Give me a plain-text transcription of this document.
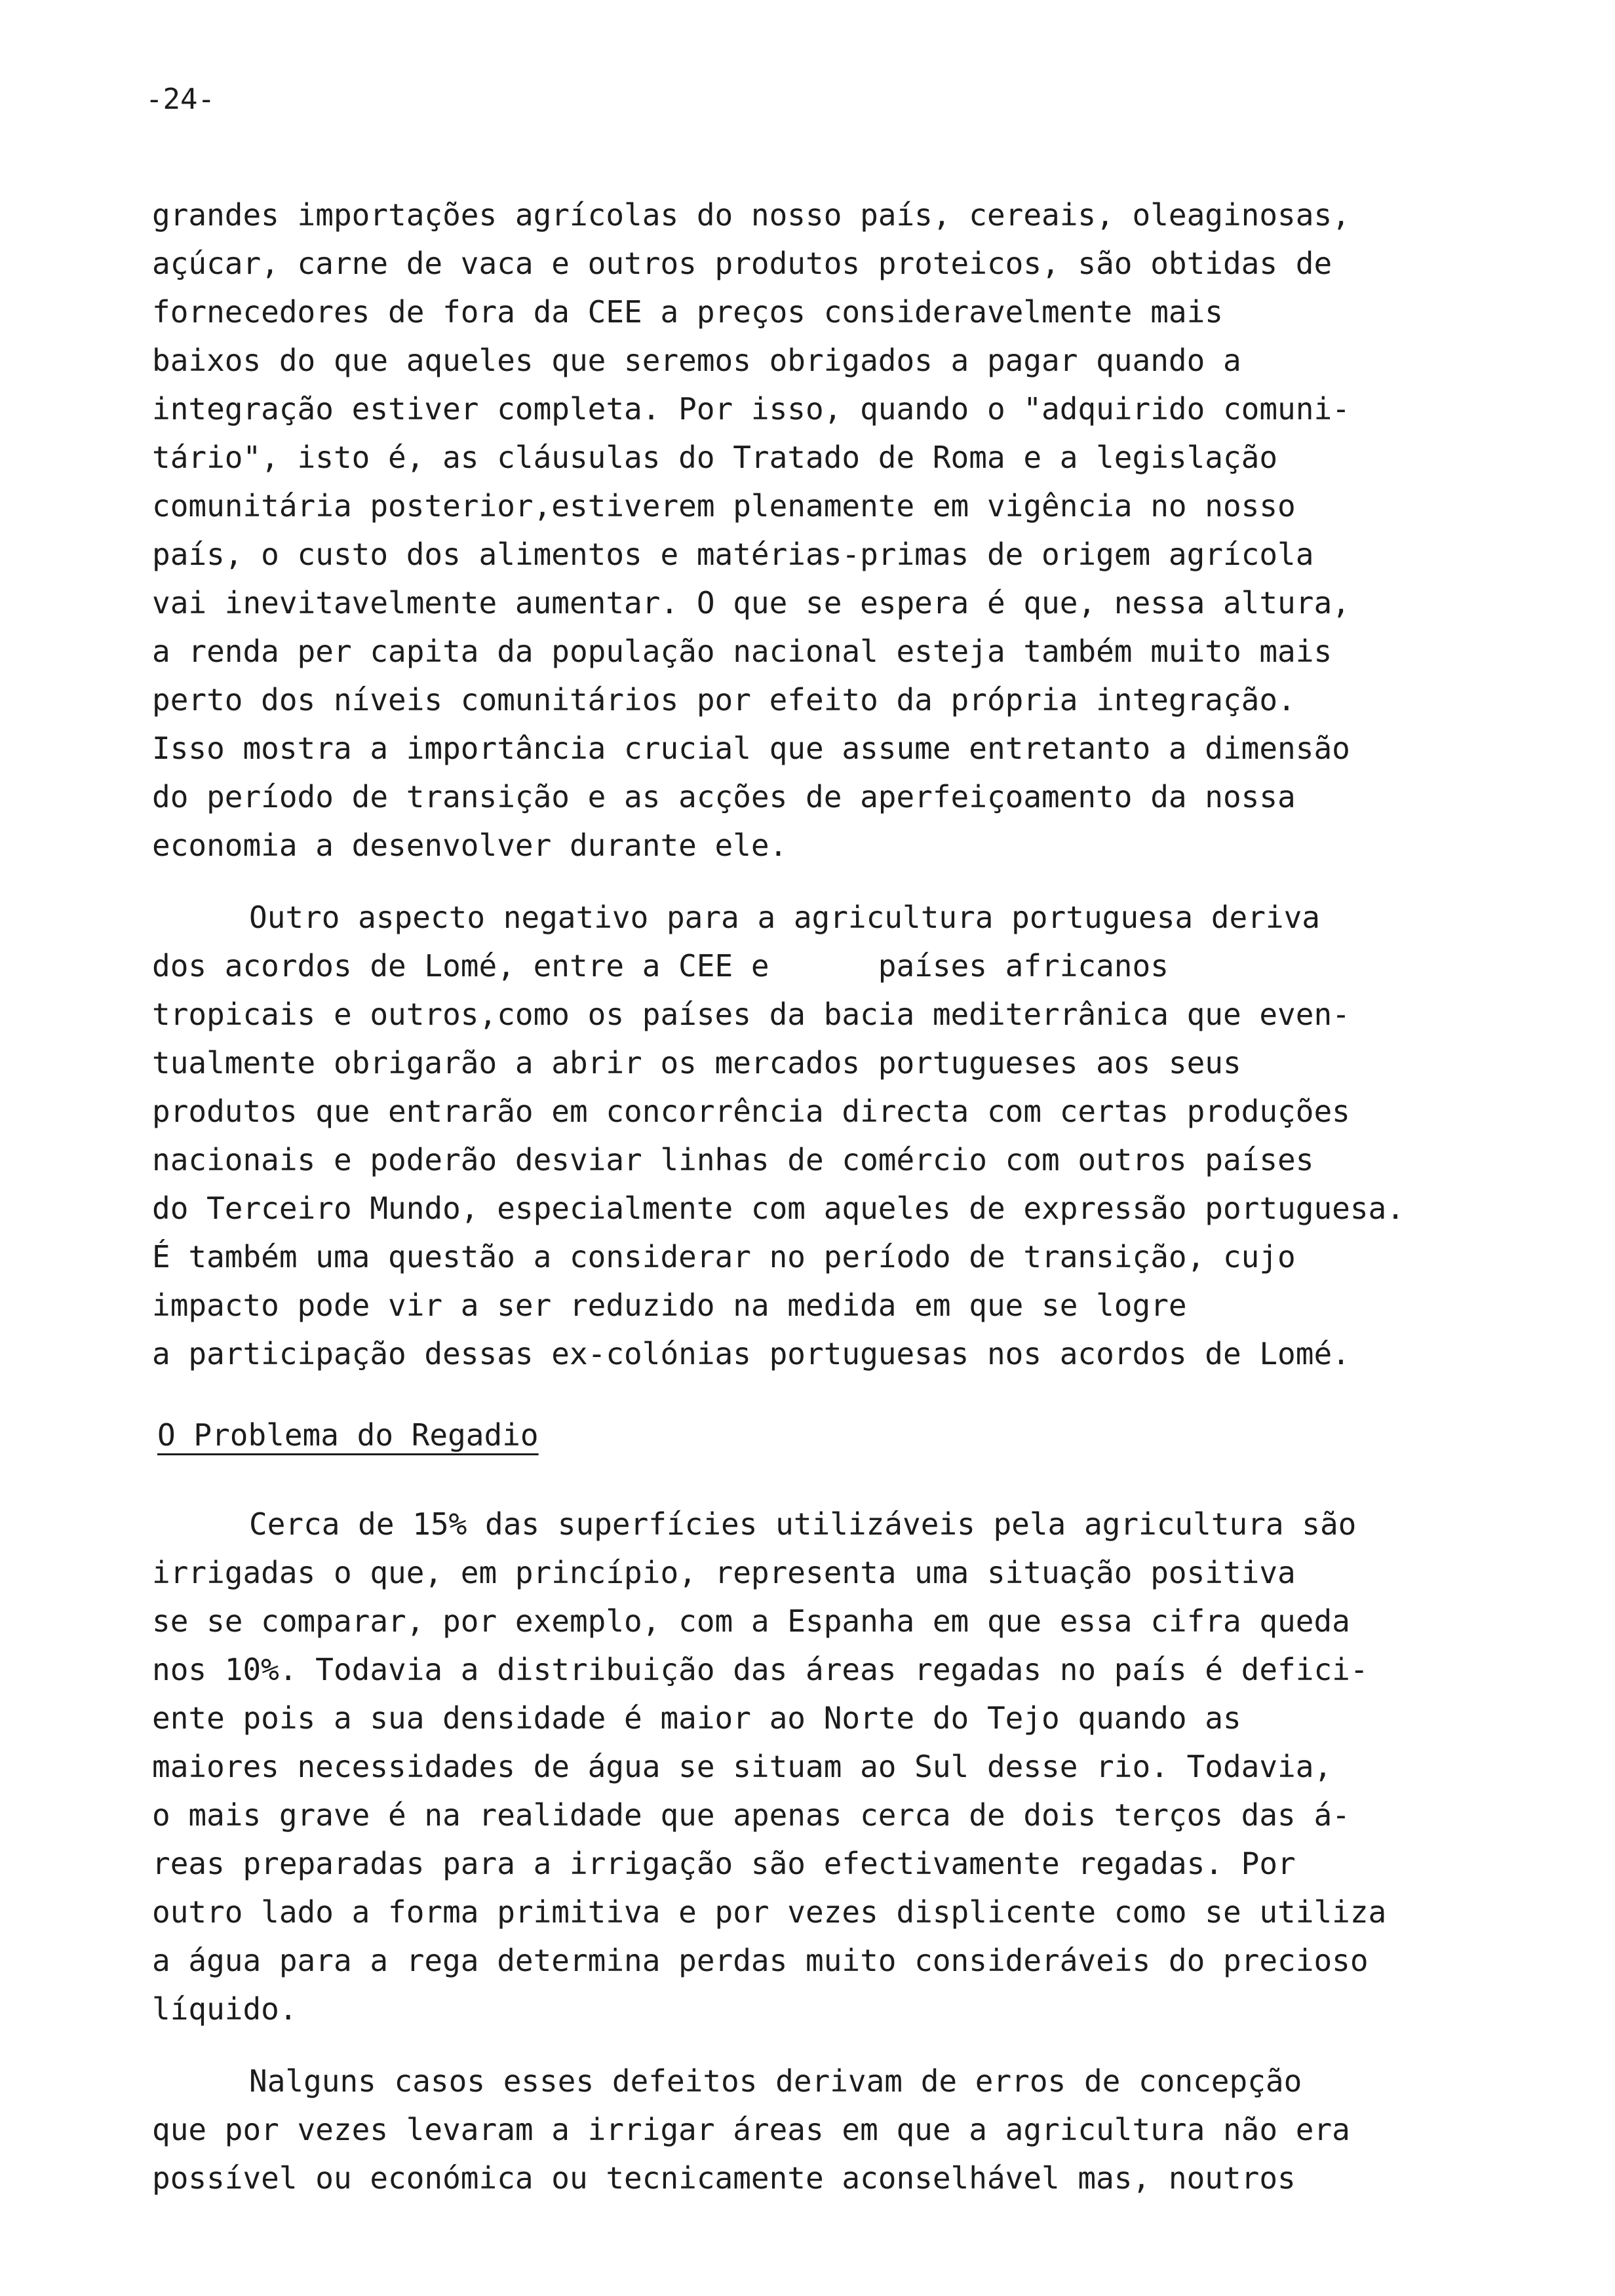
-24-
grandes importações agrícolas do nosso país, cereais, oleaginosas,
açúcar, carne de vaca e outros produtos proteicos, são obtidas de
fornecedores de fora da CEE a preços consideravelmente mais
baixos do que aqueles que seremos obrigados a pagar quando a
integração estiver completa. Por isso, quando o "adquirido comuni-
tário", isto é, as cláusulas do Tratado de Roma e a legislação
comunitária posterior,estiverem plenamente em vigência no nosso
país, o custo dos alimentos e matérias-primas de origem agrícola
vai inevitavelmente aumentar. O que se espera é que, nessa altura,
a renda per capita da população nacional esteja também muito mais
perto dos níveis comunitários por efeito da própria integração.
Isso mostra a importância crucial que assume entretanto a dimensão
do período de transição e as acções de aperfeiçoamento da nossa
economia a desenvolver durante ele.
Outro aspecto negativo para a agricultura portuguesa deriva
dos acordos de Lomé, entre a CEE e      países africanos
tropicais e outros,como os países da bacia mediterrânica que even-
tualmente obrigarão a abrir os mercados portugueses aos seus
produtos que entrarão em concorrência directa com certas produções
nacionais e poderão desviar linhas de comércio com outros países
do Terceiro Mundo, especialmente com aqueles de expressão portuguesa.
É também uma questão a considerar no período de transição, cujo
impacto pode vir a ser reduzido na medida em que se logre
a participação dessas ex-colónias portuguesas nos acordos de Lomé.
O Problema do Regadio
Cerca de 15% das superfícies utilizáveis pela agricultura são
irrigadas o que, em princípio, representa uma situação positiva
se se comparar, por exemplo, com a Espanha em que essa cifra queda
nos 10%. Todavia a distribuição das áreas regadas no país é defici-
ente pois a sua densidade é maior ao Norte do Tejo quando as
maiores necessidades de água se situam ao Sul desse rio. Todavia,
o mais grave é na realidade que apenas cerca de dois terços das á-
reas preparadas para a irrigação são efectivamente regadas. Por
outro lado a forma primitiva e por vezes displicente como se utiliza
a água para a rega determina perdas muito consideráveis do precioso
líquido.
Nalguns casos esses defeitos derivam de erros de concepção
que por vezes levaram a irrigar áreas em que a agricultura não era
possível ou económica ou tecnicamente aconselhável mas, noutros
